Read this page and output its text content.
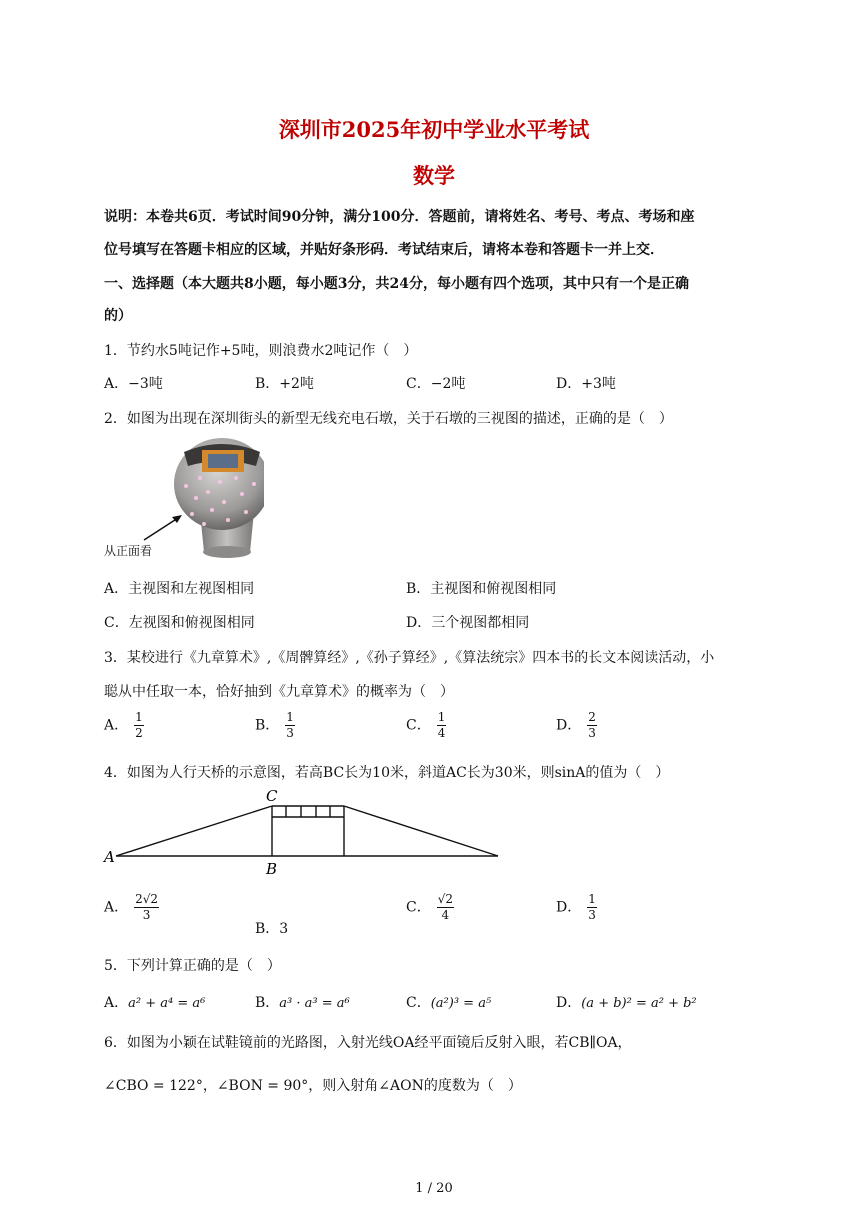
深圳市2025年初中学业水平考试
数学
说明：本卷共6页．考试时间90分钟，满分100分．答题前，请将姓名、考号、考点、考场和座
位号填写在答题卡相应的区域，并贴好条形码．考试结束后，请将本卷和答题卡一并上交．
一、选择题（本大题共8小题，每小题3分，共24分，每小题有四个选项，其中只有一个是正确
的）
1．节约水5吨记作+5吨，则浪费水2吨记作（　）
A．−3吨	B．+2吨	C．−2吨	D．+3吨
2．如图为出现在深圳街头的新型无线充电石墩，关于石墩的三视图的描述，正确的是（　）
从正面看
A．主视图和左视图相同	B．主视图和俯视图相同
C．左视图和俯视图相同	D．三个视图都相同
3．某校进行《九章算术》,《周髀算经》,《孙子算经》,《算法统宗》四本书的长文本阅读活动，小
聪从中任取一本，恰好抽到《九章算术》的概率为（　）
A． $\frac{1}{2}$	B． $\frac{1}{3}$	C． $\frac{1}{4}$	D． $\frac{2}{3}$
4．如图为人行天桥的示意图，若高BC长为10米，斜道AC长为30米，则sinA的值为（　）
A
C
B
A． $\frac{2√2}{3}$
B．3
C． $\frac{√2}{4}$	D． $\frac{1}{3}$
5．下列计算正确的是（　）
A．a² + a⁴ = a⁶	B．a³ · a³ = a⁶	C．(a²)³ = a⁵	D．(a + b)² = a² + b²
6．如图为小颖在试鞋镜前的光路图，入射光线OA经平面镜后反射入眼，若CB∥OA，
∠CBO = 122°，∠BON = 90°，则入射角∠AON的度数为（　）
1 / 20
